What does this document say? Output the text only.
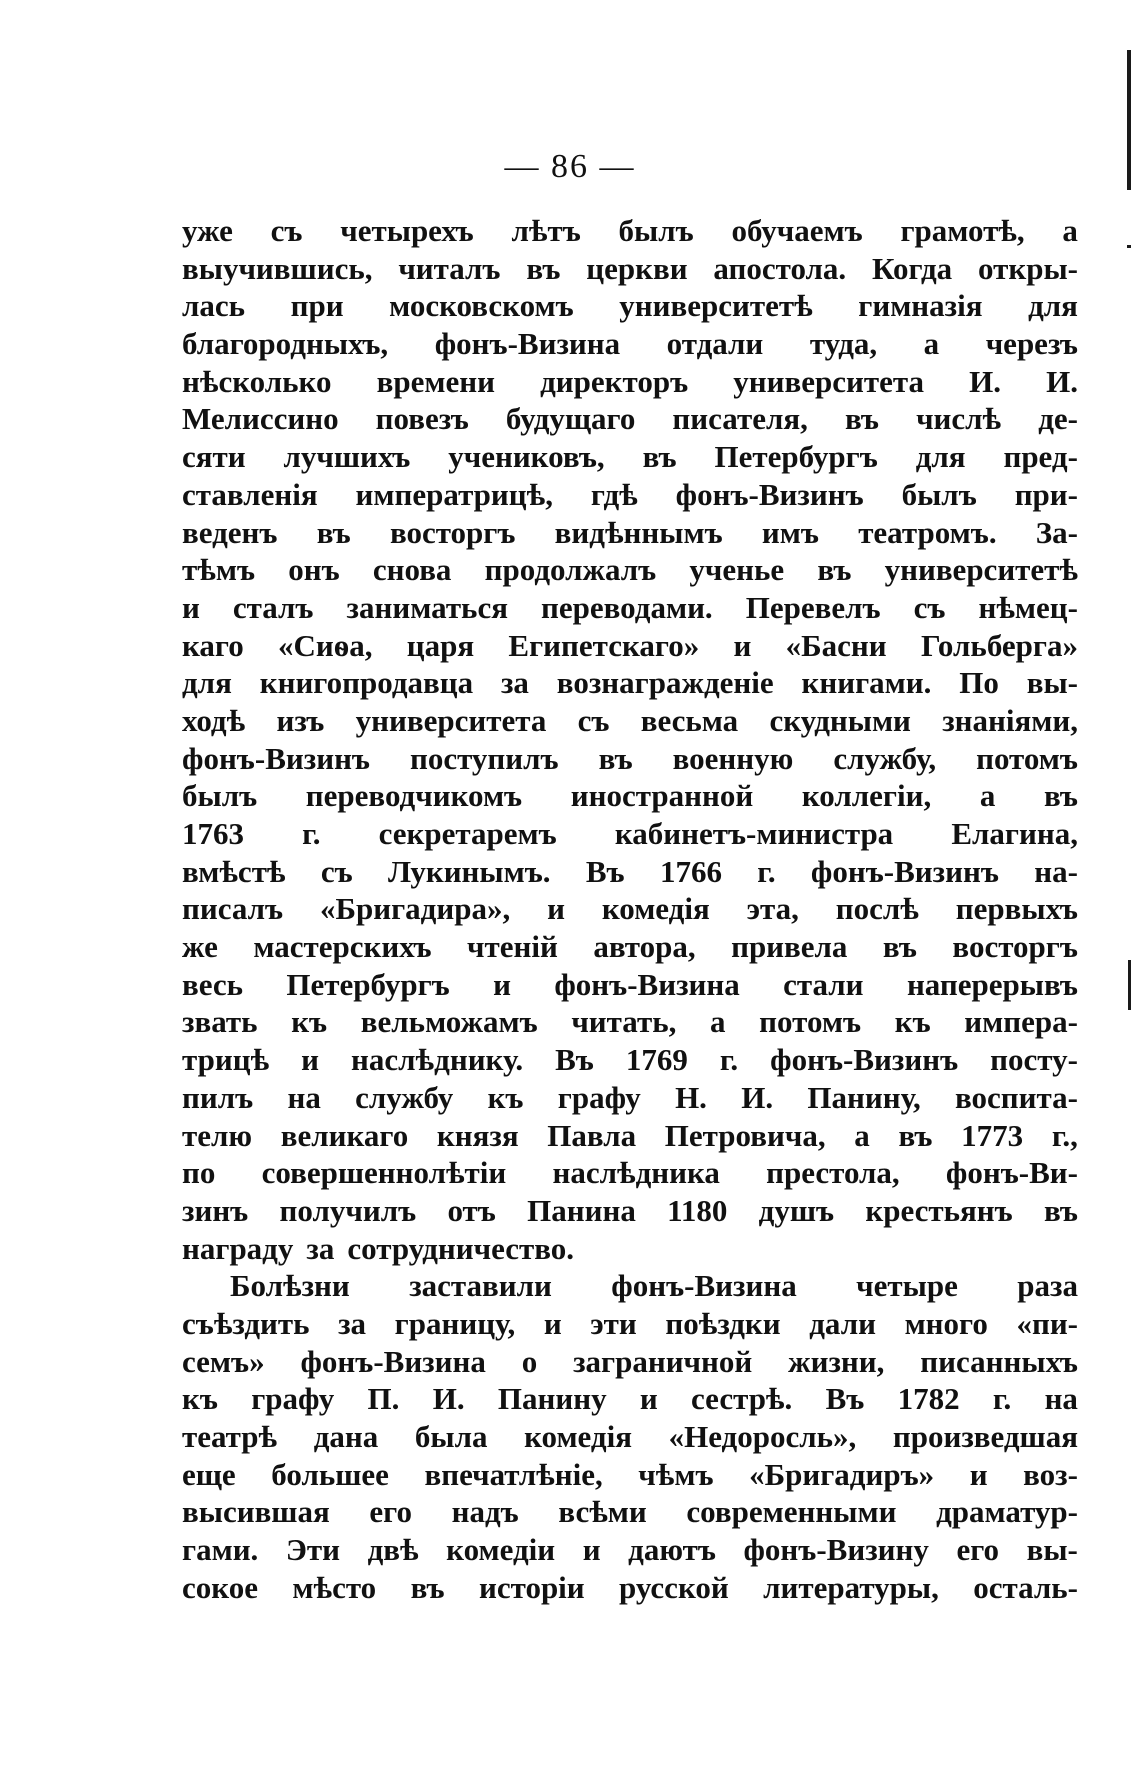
— 86 —
уже съ четырехъ лѣтъ былъ обучаемъ грамотѣ, а
выучившись, читалъ въ церкви апостола. Когда откры-
лась при московскомъ университетѣ гимназія для
благородныхъ, фонъ-Визина отдали туда, а черезъ
нѣсколько времени директоръ университета И. И.
Мелиссино повезъ будущаго писателя, въ числѣ де-
сяти лучшихъ учениковъ, въ Петербургъ для пред-
ставленія императрицѣ, гдѣ фонъ-Визинъ былъ при-
веденъ въ восторгъ видѣннымъ имъ театромъ. За-
тѣмъ онъ снова продолжалъ ученье въ университетѣ
и сталъ заниматься переводами. Перевелъ съ нѣмец-
каго «Сиѳа, царя Египетскаго» и «Басни Гольберга»
для книгопродавца за вознагражденіе книгами. По вы-
ходѣ изъ университета съ весьма скудными знаніями,
фонъ-Визинъ поступилъ въ военную службу, потомъ
былъ переводчикомъ иностранной коллегіи, а въ
1763 г. секретаремъ кабинетъ-министра Елагина,
вмѣстѣ съ Лукинымъ. Въ 1766 г. фонъ-Визинъ на-
писалъ «Бригадира», и комедія эта, послѣ первыхъ
же мастерскихъ чтеній автора, привела въ восторгъ
весь Петербургъ и фонъ-Визина стали наперерывъ
звать къ вельможамъ читать, а потомъ къ импера-
трицѣ и наслѣднику. Въ 1769 г. фонъ-Визинъ посту-
пилъ на службу къ графу Н. И. Панину, воспита-
телю великаго князя Павла Петровича, а въ 1773 г.,
по совершеннолѣтіи наслѣдника престола, фонъ-Ви-
зинъ получилъ отъ Панина 1180 душъ крестьянъ въ
награду за сотрудничество.
Болѣзни заставили фонъ-Визина четыре раза
съѣздить за границу, и эти поѣздки дали много «пи-
семъ» фонъ-Визина о заграничной жизни, писанныхъ
къ графу П. И. Панину и сестрѣ. Въ 1782 г. на
театрѣ дана была комедія «Недоросль», произведшая
еще большее впечатлѣніе, чѣмъ «Бригадиръ» и воз-
высившая его надъ всѣми современными драматур-
гами. Эти двѣ комедіи и даютъ фонъ-Визину его вы-
сокое мѣсто въ исторіи русской литературы, осталь-
